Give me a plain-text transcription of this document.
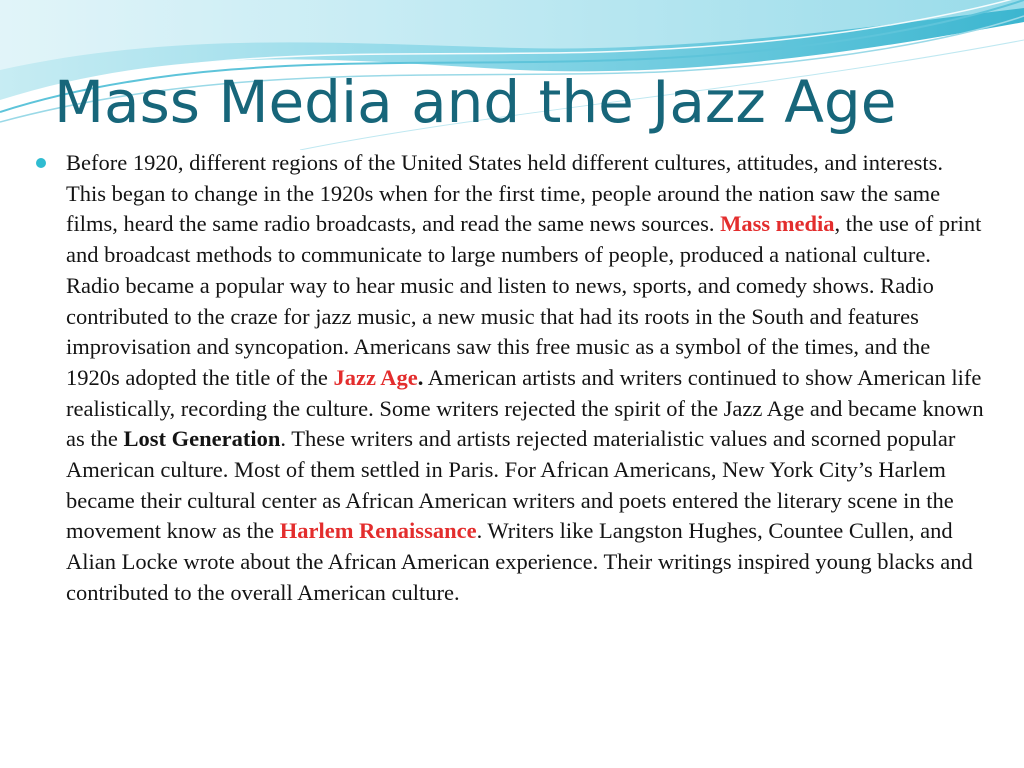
Mass Media and the Jazz Age

Before 1920, different regions of the United States held different cultures, attitudes, and interests. This began to change in the 1920s when for the first time, people around the nation saw the same films, heard the same radio broadcasts, and read the same news sources. Mass media, the use of print and broadcast methods to communicate to large numbers of people, produced a national culture. Radio became a popular way to hear music and listen to news, sports, and comedy shows. Radio contributed to the craze for jazz music, a new music that had its roots in the South and features improvisation and syncopation. Americans saw this free music as a symbol of the times, and the 1920s adopted the title of the Jazz Age. American artists and writers continued to show American life realistically, recording the culture. Some writers rejected the spirit of the Jazz Age and became known as the Lost Generation. These writers and artists rejected materialistic values and scorned popular American culture. Most of them settled in Paris. For African Americans, New York City’s Harlem became their cultural center as African American writers and poets entered the literary scene in the movement know as the Harlem Renaissance. Writers like Langston Hughes, Countee Cullen, and Alian Locke wrote about the African American experience. Their writings inspired young blacks and contributed to the overall American culture.
